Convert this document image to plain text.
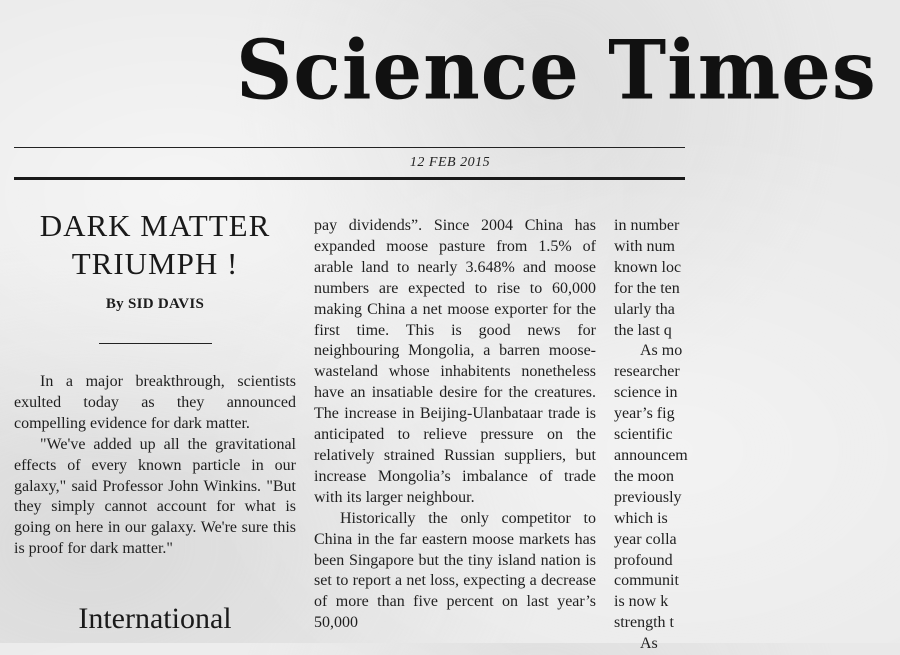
Science Times
12 FEB 2015
DARK MATTER
TRIUMPH !
By SID DAVIS

In a major breakthrough, scientists exulted today as they announced compelling evidence for dark matter.

"We've added up all the gravitational effects of every known particle in our galaxy," said Professor John Winkins. "But they simply cannot account for what is going on here in our galaxy. We're sure this is proof for dark matter."

International

pay dividends”. Since 2004 China has expanded moose pasture from 1.5% of arable land to nearly 3.648% and moose numbers are expected to rise to 60,000 making China a net moose exporter for the first time. This is good news for neighbouring Mongolia, a barren moose-wasteland whose inhabitents nonetheless have an insatiable desire for the creatures. The increase in Beijing-Ulanbataar trade is anticipated to relieve pressure on the relatively strained Russian suppliers, but increase Mongolia’s imbalance of trade with its larger neighbour.

Historically the only competitor to China in the far eastern moose markets has been Singapore but the tiny island nation is set to report a net loss, expecting a decrease of more than five percent on last year’s 50,000

in number
with num
known loc
for the ten
ularly tha
the last q
As mo
researcher
science in
year’s fig
scientific
announcem
the moon
previously
which is
year colla
profound
communit
is now k
strength t
As
